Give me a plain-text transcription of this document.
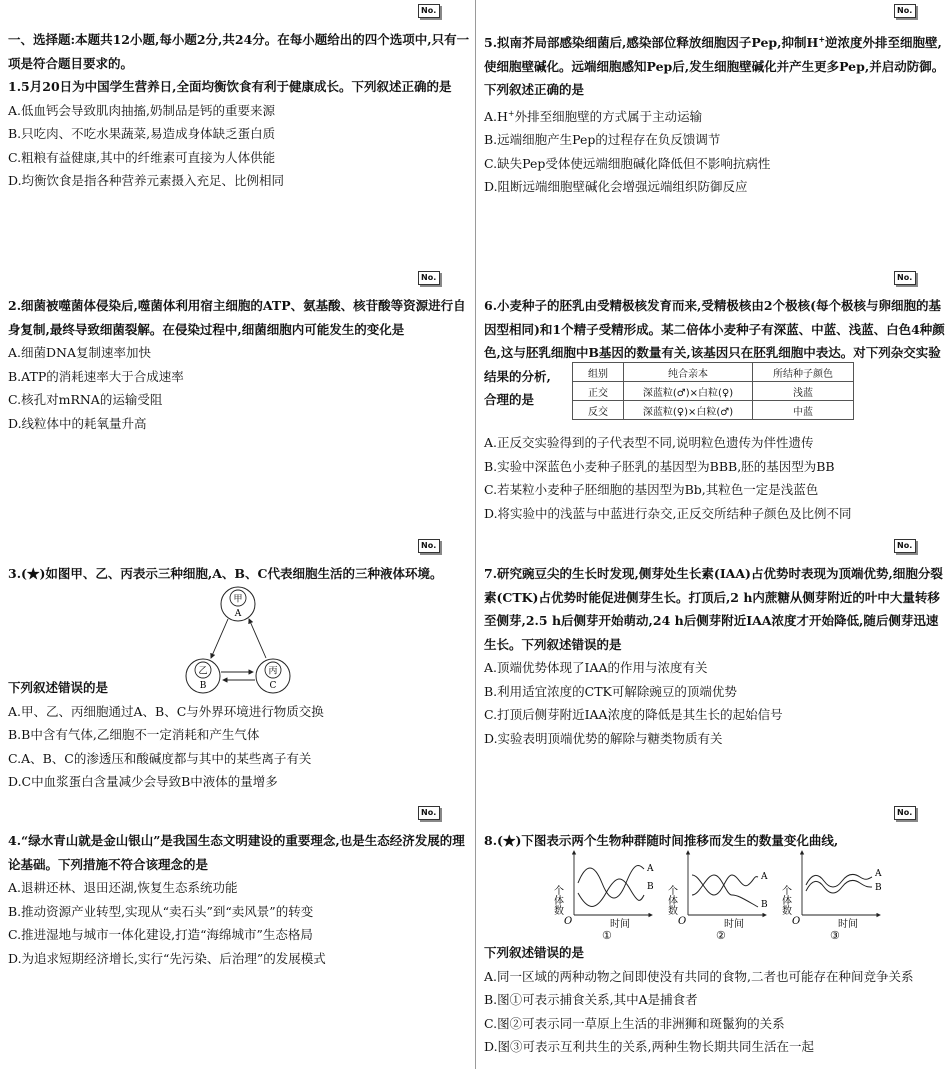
No.

一、选择题:本题共12小题,每小题2分,共24分。在每小题给出的四个选项中,只有一项是符合题目要求的。

1.5月20日为中国学生营养日,全面均衡饮食有利于健康成长。下列叙述正确的是

A.低血钙会导致肌肉抽搐,奶制品是钙的重要来源

B.只吃肉、不吃水果蔬菜,易造成身体缺乏蛋白质

C.粗粮有益健康,其中的纤维素可直接为人体供能

D.均衡饮食是指各种营养元素摄入充足、比例相同

No.

5.拟南芥局部感染细菌后,感染部位释放细胞因子Pep,抑制H+逆浓度外排至细胞壁,使细胞壁碱化。远端细胞感知Pep后,发生细胞壁碱化并产生更多Pep,并启动防御。下列叙述正确的是

A.H+外排至细胞壁的方式属于主动运输

B.远端细胞产生Pep的过程存在负反馈调节

C.缺失Pep受体使远端细胞碱化降低但不影响抗病性

D.阻断远端细胞壁碱化会增强远端组织防御反应

No.

2.细菌被噬菌体侵染后,噬菌体利用宿主细胞的ATP、氨基酸、核苷酸等资源进行自身复制,最终导致细菌裂解。在侵染过程中,细菌细胞内可能发生的变化是

A.细菌DNA复制速率加快

B.ATP的消耗速率大于合成速率

C.核孔对mRNA的运输受阻

D.线粒体中的耗氧量升高

No.

6.小麦种子的胚乳由受精极核发育而来,受精极核由2个极核(每个极核与卵细胞的基因型相同)和1个精子受精形成。某二倍体小麦种子有深蓝、中蓝、浅蓝、白色4种颜色,这与胚乳细胞中B基因的数量有关,该基因只在胚乳细胞中表达。对下列杂交实验结果的分析,

合理的是

组别	纯合亲本	所结种子颜色
正交	深蓝粒(♂)×白粒(♀)	浅蓝
反交	深蓝粒(♀)×白粒(♂)	中蓝

A.正反交实验得到的子代表型不同,说明粒色遗传为伴性遗传

B.实验中深蓝色小麦种子胚乳的基因型为BBB,胚的基因型为BB

C.若某粒小麦种子胚细胞的基因型为Bb,其粒色一定是浅蓝色

D.将实验中的浅蓝与中蓝进行杂交,正反交所结种子颜色及比例不同

No.

3.(★)如图甲、乙、丙表示三种细胞,A、B、C代表细胞生活的三种液体环境。

甲
A
乙
B
丙
C

下列叙述错误的是

A.甲、乙、丙细胞通过A、B、C与外界环境进行物质交换

B.B中含有气体,乙细胞不一定消耗和产生气体

C.A、B、C的渗透压和酸碱度都与其中的某些离子有关

D.C中血浆蛋白含量减少会导致B中液体的量增多

No.

7.研究豌豆尖的生长时发现,侧芽处生长素(IAA)占优势时表现为顶端优势,细胞分裂素(CTK)占优势时能促进侧芽生长。打顶后,2 h内蔗糖从侧芽附近的叶中大量转移至侧芽,2.5 h后侧芽开始萌动,24 h后侧芽附近IAA浓度才开始降低,随后侧芽迅速生长。下列叙述错误的是

A.顶端优势体现了IAA的作用与浓度有关

B.利用适宜浓度的CTK可解除豌豆的顶端优势

C.打顶后侧芽附近IAA浓度的降低是其生长的起始信号

D.实验表明顶端优势的解除与糖类物质有关

No.

4.“绿水青山就是金山银山”是我国生态文明建设的重要理念,也是生态经济发展的理论基础。下列措施不符合该理念的是

A.退耕还林、退田还湖,恢复生态系统功能

B.推动资源产业转型,实现从“卖石头”到“卖风景”的转变

C.推进湿地与城市一体化建设,打造“海绵城市”生态格局

D.为追求短期经济增长,实行“先污染、后治理”的发展模式

No.

8.(★)下图表示两个生物种群随时间推移而发生的数量变化曲线,

个体数
O	时间
①
A
B 个体数
O	时间
②
A
B 个体数
O	时间
③
A
B

下列叙述错误的是

A.同一区域的两种动物之间即使没有共同的食物,二者也可能存在种间竞争关系

B.图①可表示捕食关系,其中A是捕食者

C.图②可表示同一草原上生活的非洲狮和斑鬣狗的关系

D.图③可表示互利共生的关系,两种生物长期共同生活在一起
